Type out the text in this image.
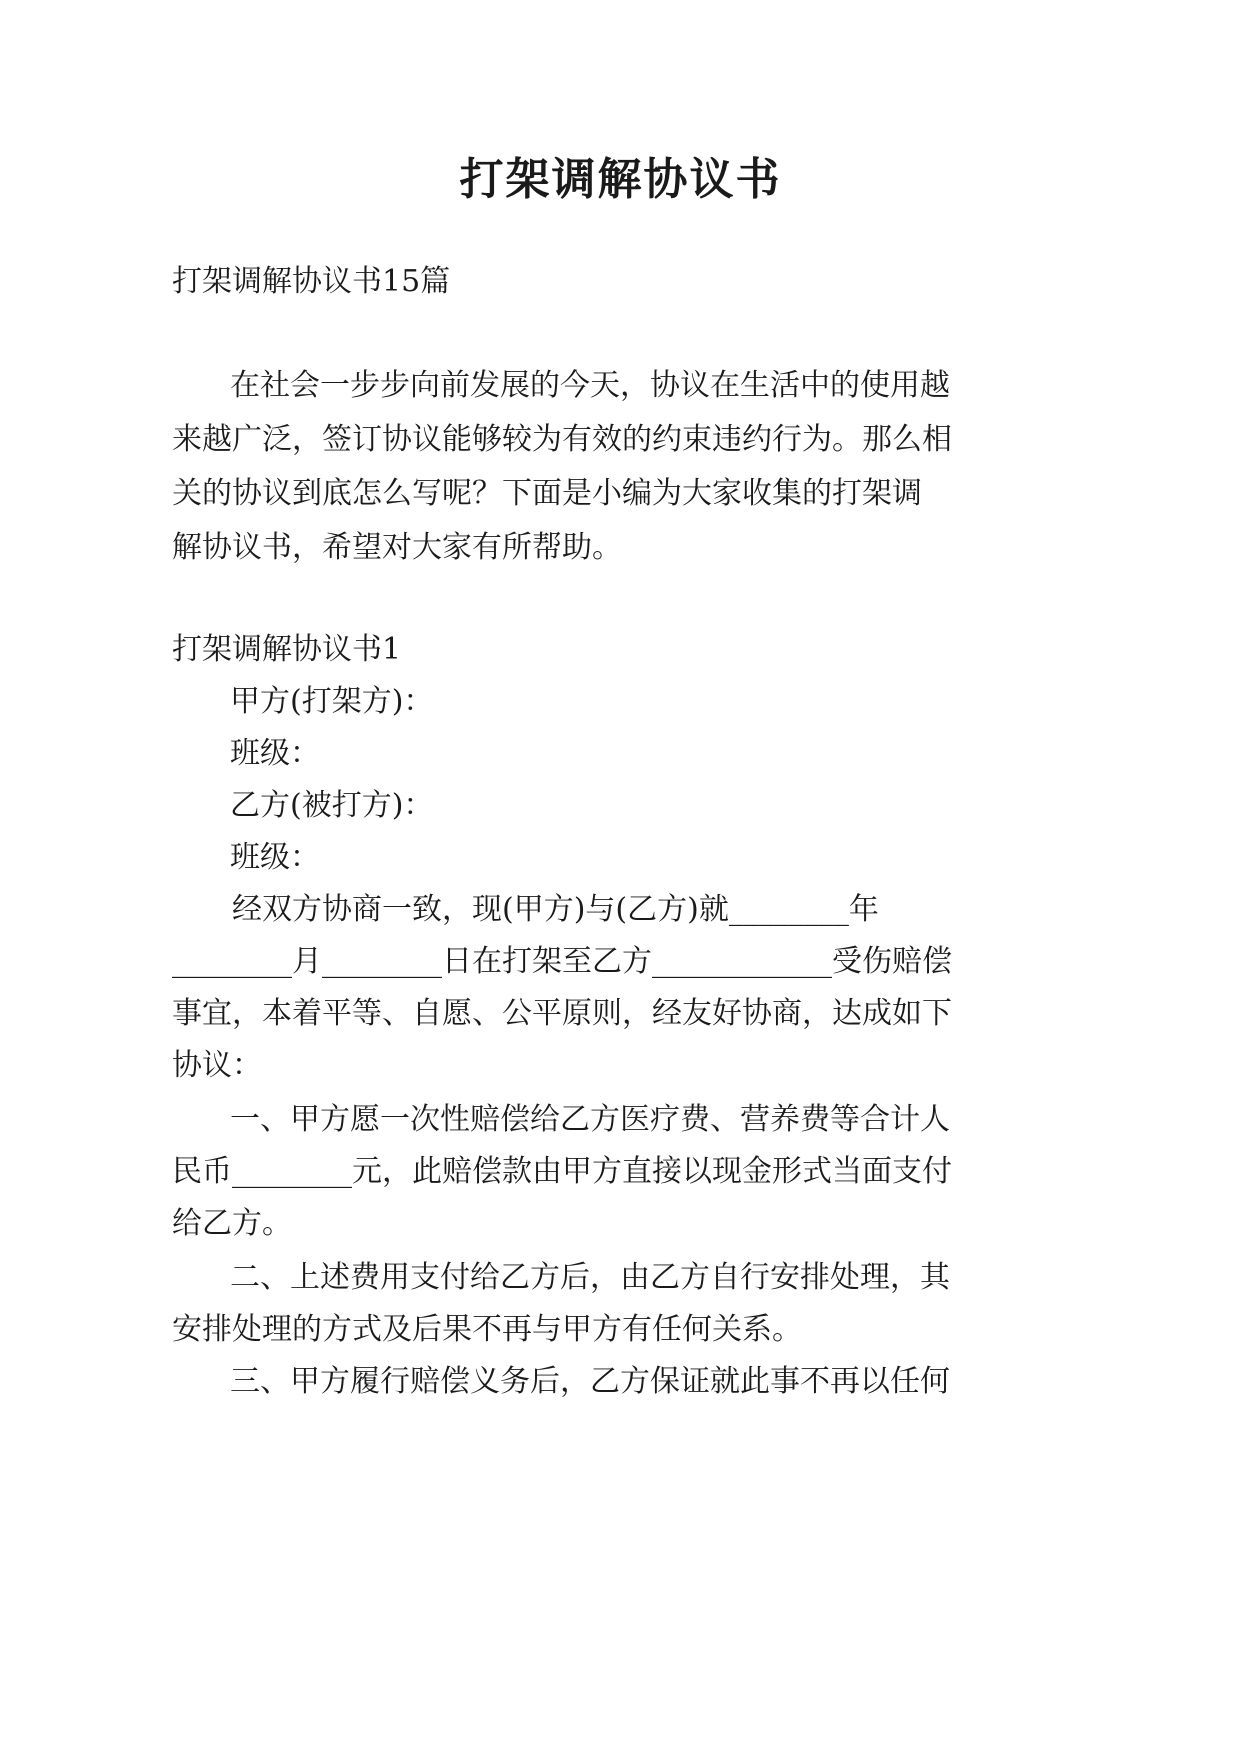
打架调解协议书
打架调解协议书15篇
在社会一步步向前发展的今天，协议在生活中的使用越
来越广泛，签订协议能够较为有效的约束违约行为。那么相
关的协议到底怎么写呢？下面是小编为大家收集的打架调
解协议书，希望对大家有所帮助。
打架调解协议书1
甲方(打架方)：
班级：
乙方(被打方)：
班级：
经双方协商一致，现(甲方)与(乙方)就________年
________月________日在打架至乙方____________受伤赔偿
事宜，本着平等、自愿、公平原则，经友好协商，达成如下
协议：
一、甲方愿一次性赔偿给乙方医疗费、营养费等合计人
民币________元，此赔偿款由甲方直接以现金形式当面支付
给乙方。
二、上述费用支付给乙方后，由乙方自行安排处理，其
安排处理的方式及后果不再与甲方有任何关系。
三、甲方履行赔偿义务后，乙方保证就此事不再以任何
